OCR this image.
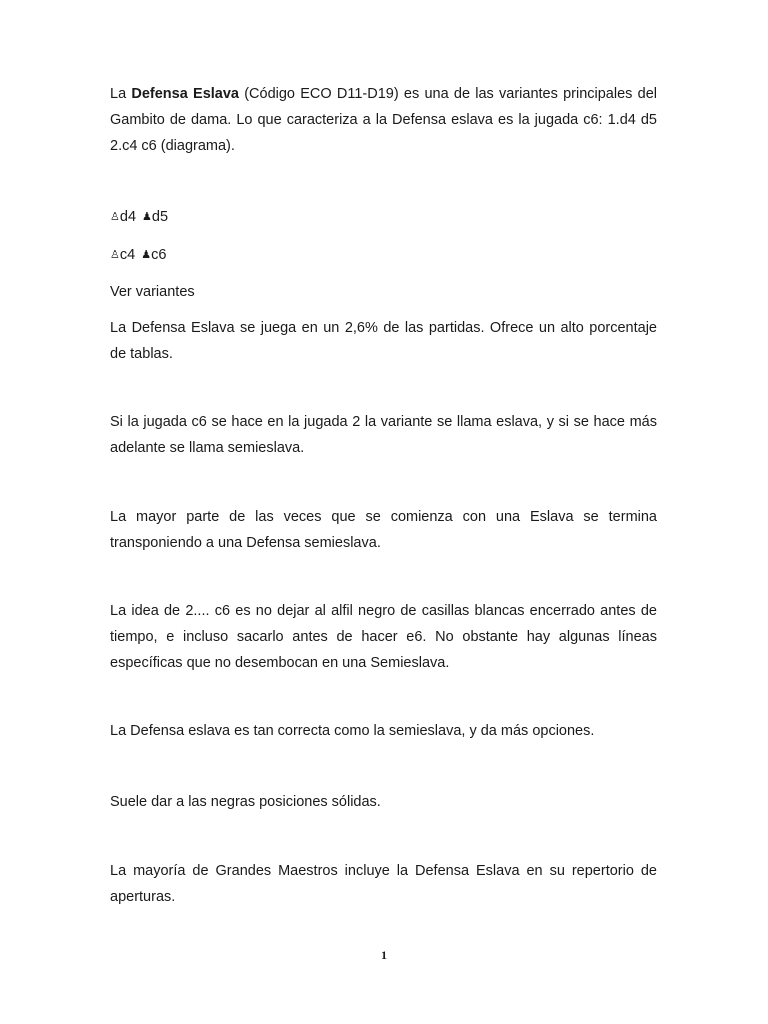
La Defensa Eslava (Código ECO D11-D19) es una de las variantes principales del Gambito de dama. Lo que caracteriza a la Defensa eslava es la jugada c6: 1.d4 d5 2.c4 c6 (diagrama).

♙d4 ♟d5
♙c4 ♟c6

Ver variantes

La Defensa Eslava se juega en un 2,6% de las partidas. Ofrece un alto porcentaje de tablas.

Si la jugada c6 se hace en la jugada 2 la variante se llama eslava, y si se hace más adelante se llama semieslava.

La mayor parte de las veces que se comienza con una Eslava se termina transponiendo a una Defensa semieslava.

La idea de 2.... c6 es no dejar al alfil negro de casillas blancas encerrado antes de tiempo, e incluso sacarlo antes de hacer e6. No obstante hay algunas líneas específicas que no desembocan en una Semieslava.

La Defensa eslava es tan correcta como la semieslava, y da más opciones.

Suele dar a las negras posiciones sólidas.

La mayoría de Grandes Maestros incluye la Defensa Eslava en su repertorio de aperturas.

1
